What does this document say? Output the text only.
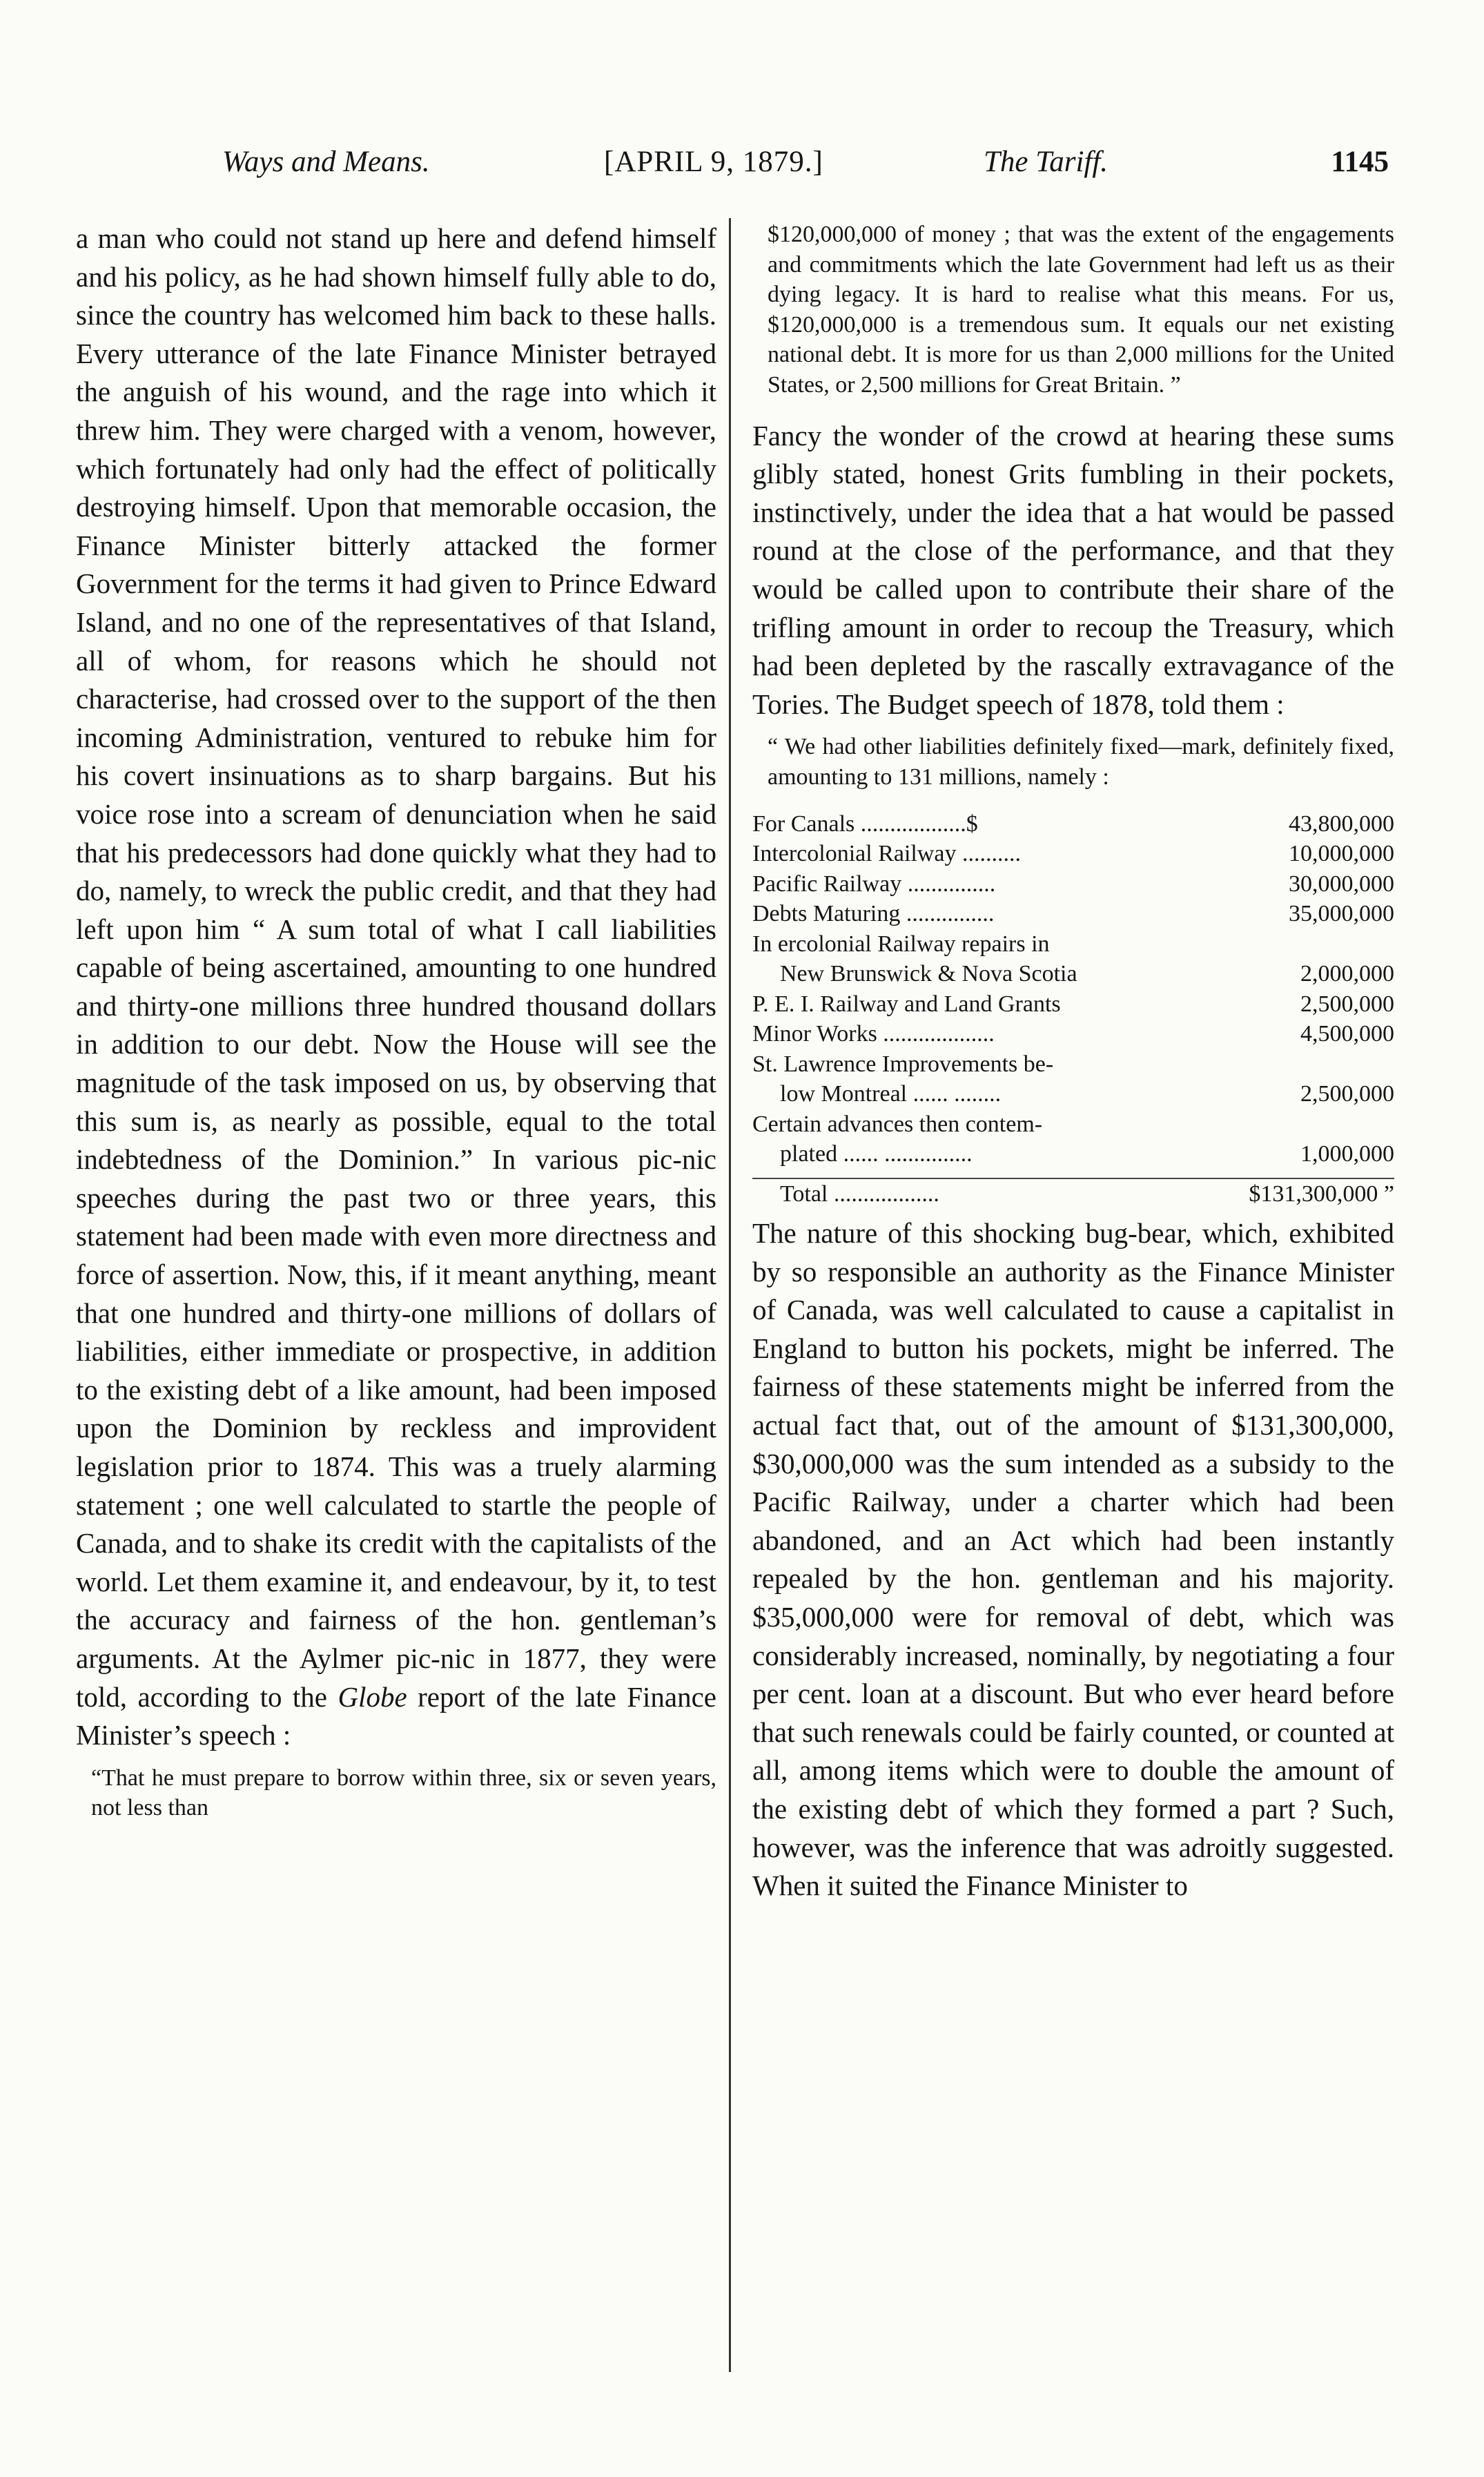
Ways and Means.	[APRIL 9, 1879.]	The Tariff.	1145

a man who could not stand up here and defend himself and his policy, as he had shown himself fully able to do, since the country has welcomed him back to these halls. Every utterance of the late Finance Minister betrayed the anguish of his wound, and the rage into which it threw him. They were charged with a venom, however, which fortunately had only had the effect of politically destroying himself. Upon that memorable occasion, the Finance Minister bitterly attacked the former Government for the terms it had given to Prince Edward Island, and no one of the representatives of that Island, all of whom, for reasons which he should not characterise, had crossed over to the support of the then incoming Administration, ventured to rebuke him for his covert insinuations as to sharp bargains. But his voice rose into a scream of denunciation when he said that his predecessors had done quickly what they had to do, namely, to wreck the public credit, and that they had left upon him “ A sum total of what I call liabilities capable of being ascertained, amounting to one hundred and thirty-one millions three hundred thousand dollars in addition to our debt. Now the House will see the magnitude of the task imposed on us, by observing that this sum is, as nearly as possible, equal to the total indebtedness of the Dominion.” In various pic-nic speeches during the past two or three years, this statement had been made with even more directness and force of assertion. Now, this, if it meant anything, meant that one hundred and thirty-one millions of dollars of liabilities, either immediate or prospective, in addition to the existing debt of a like amount, had been imposed upon the Dominion by reckless and improvident legislation prior to 1874. This was a truely alarming statement ; one well calculated to startle the people of Canada, and to shake its credit with the capitalists of the world. Let them examine it, and endeavour, by it, to test the accuracy and fairness of the hon. gentleman’s arguments. At the Aylmer pic-nic in 1877, they were told, according to the Globe report of the late Finance Minister’s speech :

“That he must prepare to borrow within three, six or seven years, not less than

$120,000,000 of money ; that was the extent of the engagements and commitments which the late Government had left us as their dying legacy. It is hard to realise what this means. For us, $120,000,000 is a tremendous sum. It equals our net existing national debt. It is more for us than 2,000 millions for the United States, or 2,500 millions for Great Britain. ”

Fancy the wonder of the crowd at hearing these sums glibly stated, honest Grits fumbling in their pockets, instinctively, under the idea that a hat would be passed round at the close of the performance, and that they would be called upon to contribute their share of the trifling amount in order to recoup the Treasury, which had been depleted by the rascally extravagance of the Tories. The Budget speech of 1878, told them :

“ We had other liabilities definitely fixed—mark, definitely fixed, amounting to 131 millions, namely :

For Canals ..................$	43,800,000
Intercolonial Railway ..........	10,000,000
Pacific Railway ...............	30,000,000
Debts Maturing ...............	35,000,000
In ercolonial Railway repairs in	
New Brunswick & Nova Scotia	2,000,000
P. E. I. Railway and Land Grants	2,500,000
Minor Works ...................	4,500,000
St. Lawrence Improvements be-	
low Montreal ...... ........	2,500,000
Certain advances then contem-	
plated ...... ...............	1,000,000
Total ..................	$131,300,000 ”

The nature of this shocking bug-bear, which, exhibited by so responsible an authority as the Finance Minister of Canada, was well calculated to cause a capitalist in England to button his pockets, might be inferred. The fairness of these statements might be inferred from the actual fact that, out of the amount of $131,300,000, $30,000,000 was the sum intended as a subsidy to the Pacific Railway, under a charter which had been abandoned, and an Act which had been instantly repealed by the hon. gentleman and his majority. $35,000,000 were for removal of debt, which was considerably increased, nominally, by negotiating a four per cent. loan at a discount. But who ever heard before that such renewals could be fairly counted, or counted at all, among items which were to double the amount of the existing debt of which they formed a part ? Such, however, was the inference that was adroitly suggested. When it suited the Finance Minister to
